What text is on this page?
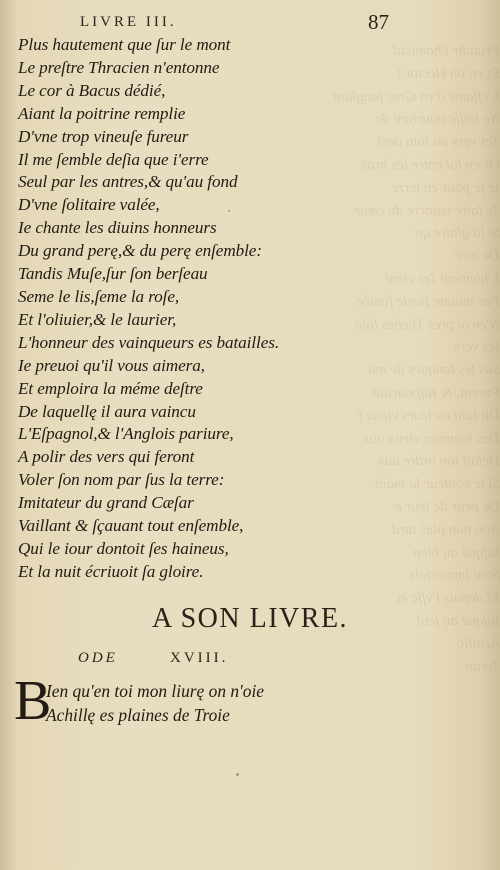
Pruadir l'homicid
Et en on Hector i
L'effamé d'vn Grec fanglant
Ne laiſſe pourtant de
Tes vers au loin decl
Or en toi entre les bras
Ie ſe pour en terre
Te faire vaincre du cœur
Si la gloire qu
De mer
L'honneur les vient
Par mainte ſiecle fumée
N'en oi pres Thebes loin
Ies vers
Sus les langues de ma
Furent, & Iaſpourtait
Dit tant eu leurs vieux ſ
Des hommes vieux aux
Defait ton ordre aux
Si le conteur la main
De peur de leur e
Non non plus tard
Iuſque au bien
Sont immortels
Et depuis l'vſſe et
Iuſque au ſeul
Achillo
Teran
LIVRE III.	87
Plus hautement que ſur le mont
Le preſtre Thracien n'entonne
Le cor à Bacus dédié,
Aiant la poitrine remplie
D'vne trop vineuſe fureur
Il me ſemble deſia que i'erre
Seul par les antres,& qu'au fond
D'vne ſolitaire valée,
Ie chante les diuins honneurs
Du grand perę,& du perę enſemble:
Tandis Muſe,ſur ſon berſeau
Seme le lis,ſeme la roſe,
Et l'oliuier,& le laurier,
L'honneur des vainqueurs es batailles.
Ie preuoi qu'il vous aimera,
Et emploira la méme deſtre
De laquellę il aura vaincu
L'Eſpagnol,& l'Anglois pariure,
A polir des vers qui feront
Voler ſon nom par ſus la terre:
Imitateur du grand Cæſar
Vaillant & ſçauant tout enſemble,
Qui le iour dontoit ſes haineus,
Et la nuit écriuoit ſa gloire.
A SON LIVRE.
ODE	XVIII.
B
Ien qu'en toi mon liurę on n'oie
Achillę es plaines de Troie
